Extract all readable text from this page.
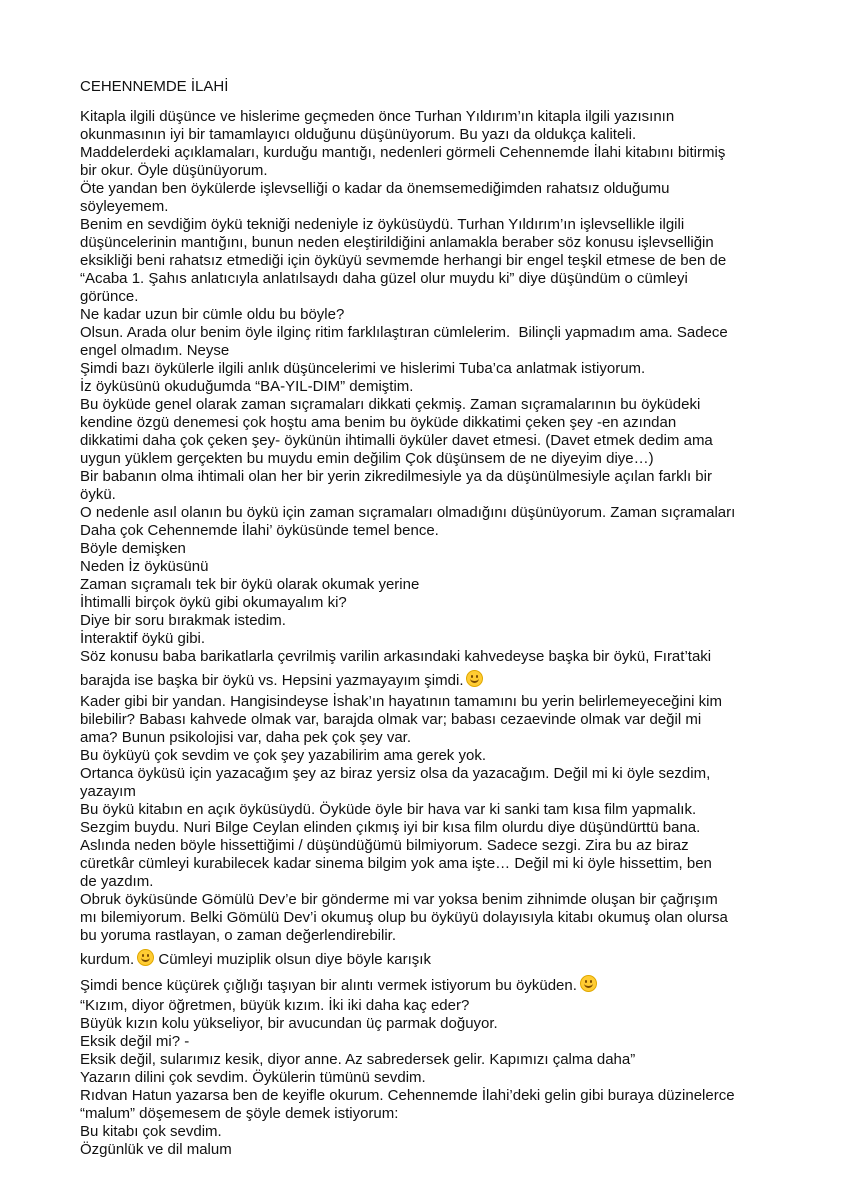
CEHENNEMDE İLAHİ

Kitapla ilgili düşünce ve hislerime geçmeden önce Turhan Yıldırım’ın kitapla ilgili yazısının

okunmasının iyi bir tamamlayıcı olduğunu düşünüyorum. Bu yazı da oldukça kaliteli.

Maddelerdeki açıklamaları, kurduğu mantığı, nedenleri görmeli Cehennemde İlahi kitabını bitirmiş

bir okur. Öyle düşünüyorum.

Öte yandan ben öykülerde işlevselliği o kadar da önemsemediğimden rahatsız olduğumu

söyleyemem.

Benim en sevdiğim öykü tekniği nedeniyle iz öyküsüydü. Turhan Yıldırım’ın işlevsellikle ilgili

düşüncelerinin mantığını, bunun neden eleştirildiğini anlamakla beraber söz konusu işlevselliğin

eksikliği beni rahatsız etmediği için öyküyü sevmemde herhangi bir engel teşkil etmese de ben de

“Acaba 1. Şahıs anlatıcıyla anlatılsaydı daha güzel olur muydu ki” diye düşündüm o cümleyi

görünce.

Ne kadar uzun bir cümle oldu bu böyle?

Olsun. Arada olur benim öyle ilginç ritim farklılaştıran cümlelerim.  Bilinçli yapmadım ama. Sadece

engel olmadım. Neyse

Şimdi bazı öykülerle ilgili anlık düşüncelerimi ve hislerimi Tuba’ca anlatmak istiyorum.

İz öyküsünü okuduğumda “BA-YIL-DIM” demiştim.

Bu öyküde genel olarak zaman sıçramaları dikkati çekmiş. Zaman sıçramalarının bu öyküdeki

kendine özgü denemesi çok hoştu ama benim bu öyküde dikkatimi çeken şey -en azından

dikkatimi daha çok çeken şey- öykünün ihtimalli öyküler davet etmesi. (Davet etmek dedim ama

uygun yüklem gerçekten bu muydu emin değilim Çok düşünsem de ne diyeyim diye…)

Bir babanın olma ihtimali olan her bir yerin zikredilmesiyle ya da düşünülmesiyle açılan farklı bir

öykü.

O nedenle asıl olanın bu öykü için zaman sıçramaları olmadığını düşünüyorum. Zaman sıçramaları

Daha çok Cehennemde İlahi’ öyküsünde temel bence.

Böyle demişken

Neden İz öyküsünü

Zaman sıçramalı tek bir öykü olarak okumak yerine

İhtimalli birçok öykü gibi okumayalım ki?

Diye bir soru bırakmak istedim.

İnteraktif öykü gibi.

Söz konusu baba barikatlarla çevrilmiş varilin arkasındaki kahvedeyse başka bir öykü, Fırat’taki

barajda ise başka bir öykü vs. Hepsini yazmayayım şimdi.

Kader gibi bir yandan. Hangisindeyse İshak’ın hayatının tamamını bu yerin belirlemeyeceğini kim

bilebilir? Babası kahvede olmak var, barajda olmak var; babası cezaevinde olmak var değil mi

ama? Bunun psikolojisi var, daha pek çok şey var.

Bu öyküyü çok sevdim ve çok şey yazabilirim ama gerek yok.

Ortanca öyküsü için yazacağım şey az biraz yersiz olsa da yazacağım. Değil mi ki öyle sezdim,

yazayım

Bu öykü kitabın en açık öyküsüydü. Öyküde öyle bir hava var ki sanki tam kısa film yapmalık.

Sezgim buydu. Nuri Bilge Ceylan elinden çıkmış iyi bir kısa film olurdu diye düşündürttü bana.

Aslında neden böyle hissettiğimi / düşündüğümü bilmiyorum. Sadece sezgi. Zira bu az biraz

cüretkâr cümleyi kurabilecek kadar sinema bilgim yok ama işte… Değil mi ki öyle hissettim, ben

de yazdım.

Obruk öyküsünde Gömülü Dev’e bir gönderme mi var yoksa benim zihnimde oluşan bir çağrışım

mı bilemiyorum. Belki Gömülü Dev’i okumuş olup bu öyküyü dolayısıyla kitabı okumuş olan olursa

bu yoruma rastlayan, o zaman değerlendirebilir.

kurdum.
Cümleyi muziplik olsun diye böyle karışık

Şimdi bence küçürek çığlığı taşıyan bir alıntı vermek istiyorum bu öyküden.

“Kızım, diyor öğretmen, büyük kızım. İki iki daha kaç eder?

Büyük kızın kolu yükseliyor, bir avucundan üç parmak doğuyor.

Eksik değil mi? -

Eksik değil, sularımız kesik, diyor anne. Az sabredersek gelir. Kapımızı çalma daha”

Yazarın dilini çok sevdim. Öykülerin tümünü sevdim.

Rıdvan Hatun yazarsa ben de keyifle okurum. Cehennemde İlahi’deki gelin gibi buraya düzinelerce

“malum” döşemesem de şöyle demek istiyorum:

Bu kitabı çok sevdim.

Özgünlük ve dil malum
